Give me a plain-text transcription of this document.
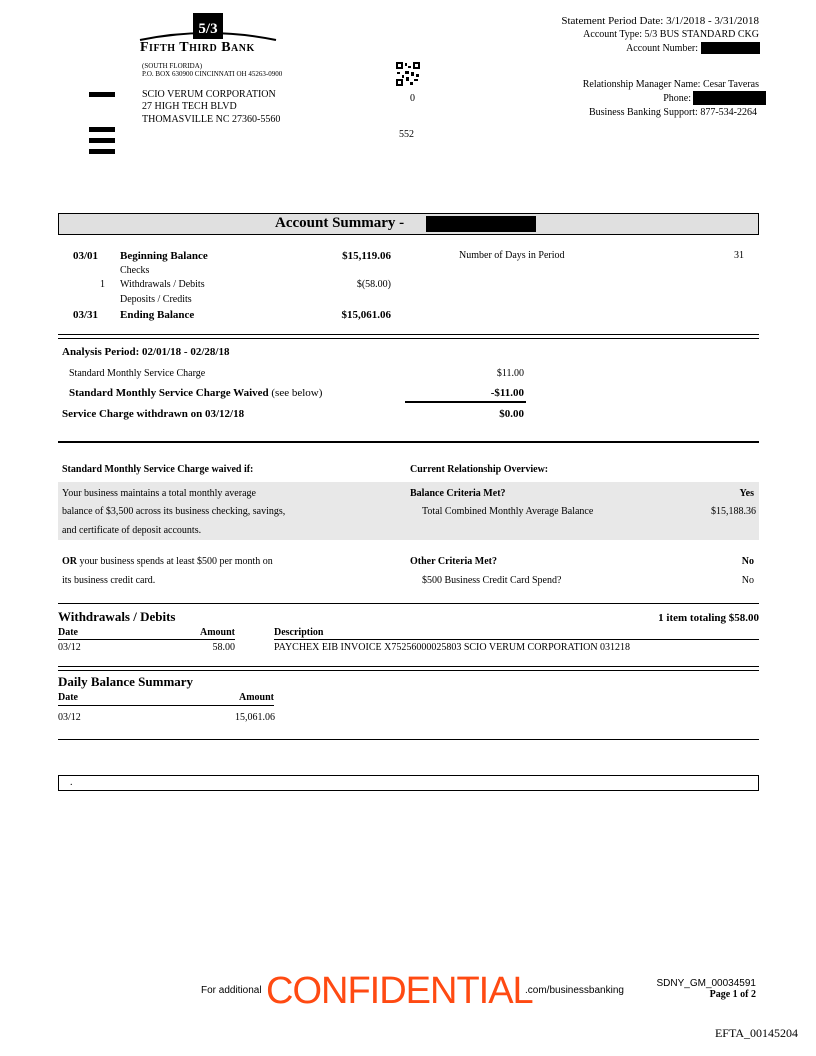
5/3
Fifth Third Bank
(SOUTH FLORIDA)
P.O. BOX 630900 CINCINNATI OH 45263-0900
SCIO VERUM CORPORATION
27 HIGH TECH BLVD
THOMASVILLE NC 27360-5560
0
552
Statement Period Date: 3/1/2018 - 3/31/2018
Account Type: 5/3 BUS STANDARD CKG
Account Number:
Relationship Manager Name: Cesar Taveras
Phone:
Business Banking Support: 877-534-2264
Account Summary -
03/01 Beginning Balance	$15,119.06
Checks
1 Withdrawals / Debits	$(58.00)
Deposits / Credits
03/31 Ending Balance	$15,061.06
Number of Days in Period	31
Analysis Period: 02/01/18 - 02/28/18
Standard Monthly Service Charge	$11.00
Standard Monthly Service Charge Waived (see below)	-$11.00
Service Charge withdrawn on 03/12/18	$0.00
Standard Monthly Service Charge waived if:	Current Relationship Overview:
Your business maintains a total monthly average
balance of $3,500 across its business checking, savings,
and certificate of deposit accounts.
Balance Criteria Met?	Yes
Total Combined Monthly Average Balance	$15,188.36
OR your business spends at least $500 per month on
its business credit card.
Other Criteria Met?	No
$500 Business Credit Card Spend?	No
Withdrawals / Debits	1 item totaling $58.00
Date	Amount	Description
03/12	58.00	PAYCHEX EIB INVOICE X75256000025803 SCIO VERUM CORPORATION 031218
Daily Balance Summary
Date	Amount
03/12	15,061.06
.
For additional	.com/businessbanking
CONFIDENTIAL	SDNY_GM_00034591
Page 1 of 2
EFTA_00145204
